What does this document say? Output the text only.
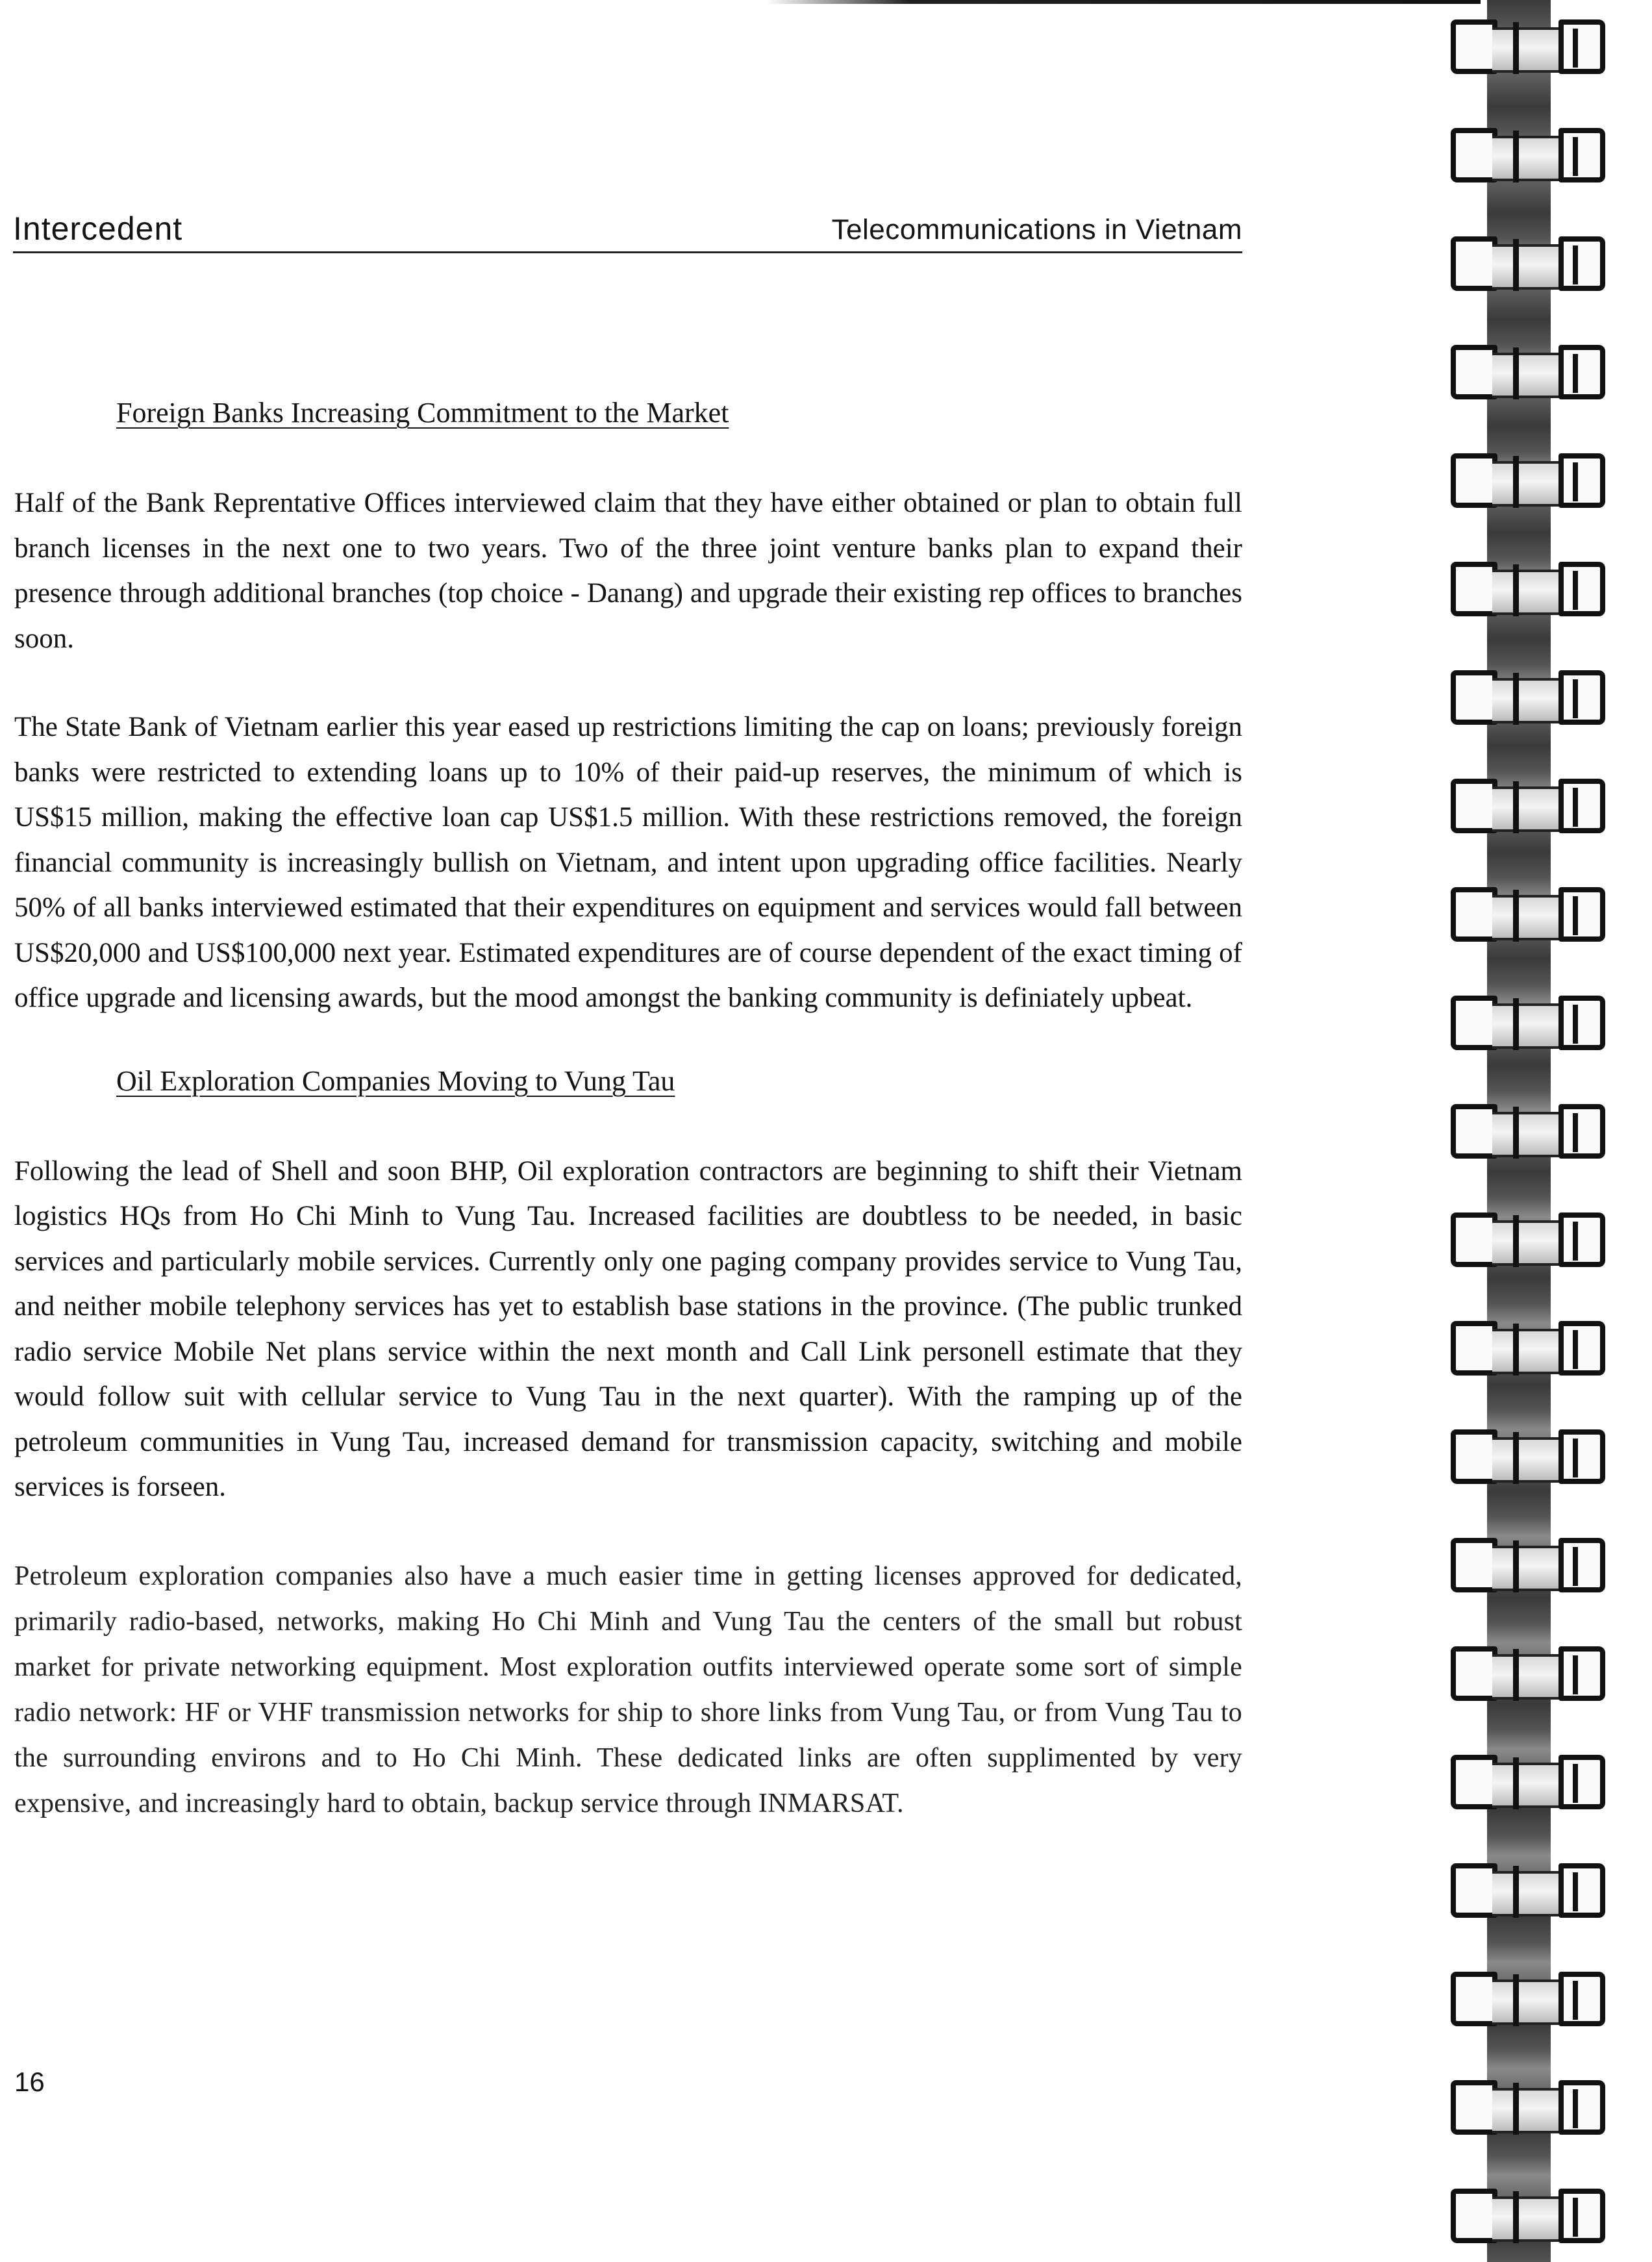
Intercedent	Telecommunications in Vietnam
Foreign Banks Increasing Commitment to the Market

Half of the Bank Reprentative Offices interviewed claim that they have either obtained or plan to obtain full branch licenses in the next one to two years. Two of the three joint venture banks plan to expand their presence through additional branches (top choice - Danang) and upgrade their existing rep offices to branches soon.

The State Bank of Vietnam earlier this year eased up restrictions limiting the cap on loans; previously foreign banks were restricted to extending loans up to 10% of their paid-up reserves, the minimum of which is US$15 million, making the effective loan cap US$1.5 million. With these restrictions removed, the foreign financial community is increasingly bullish on Vietnam, and intent upon upgrading office facilities. Nearly 50% of all banks interviewed estimated that their expenditures on equipment and services would fall between US$20,000 and US$100,000 next year. Estimated expenditures are of course dependent of the exact timing of office upgrade and licensing awards, but the mood amongst the banking community is definiately upbeat.

Oil Exploration Companies Moving to Vung Tau

Following the lead of Shell and soon BHP, Oil exploration contractors are beginning to shift their Vietnam logistics HQs from Ho Chi Minh to Vung Tau. Increased facilities are doubtless to be needed, in basic services and particularly mobile services. Currently only one paging company provides service to Vung Tau, and neither mobile telephony services has yet to establish base stations in the province. (The public trunked radio service Mobile Net plans service within the next month and Call Link personell estimate that they would follow suit with cellular service to Vung Tau in the next quarter). With the ramping up of the petroleum communities in Vung Tau, increased demand for transmission capacity, switching and mobile services is forseen.

Petroleum exploration companies also have a much easier time in getting licenses approved for dedicated, primarily radio-based, networks, making Ho Chi Minh and Vung Tau the centers of the small but robust market for private networking equipment. Most exploration outfits interviewed operate some sort of simple radio network: HF or VHF transmission networks for ship to shore links from Vung Tau, or from Vung Tau to the surrounding environs and to Ho Chi Minh. These dedicated links are often supplimented by very expensive, and increasingly hard to obtain, backup service through INMARSAT.

16
